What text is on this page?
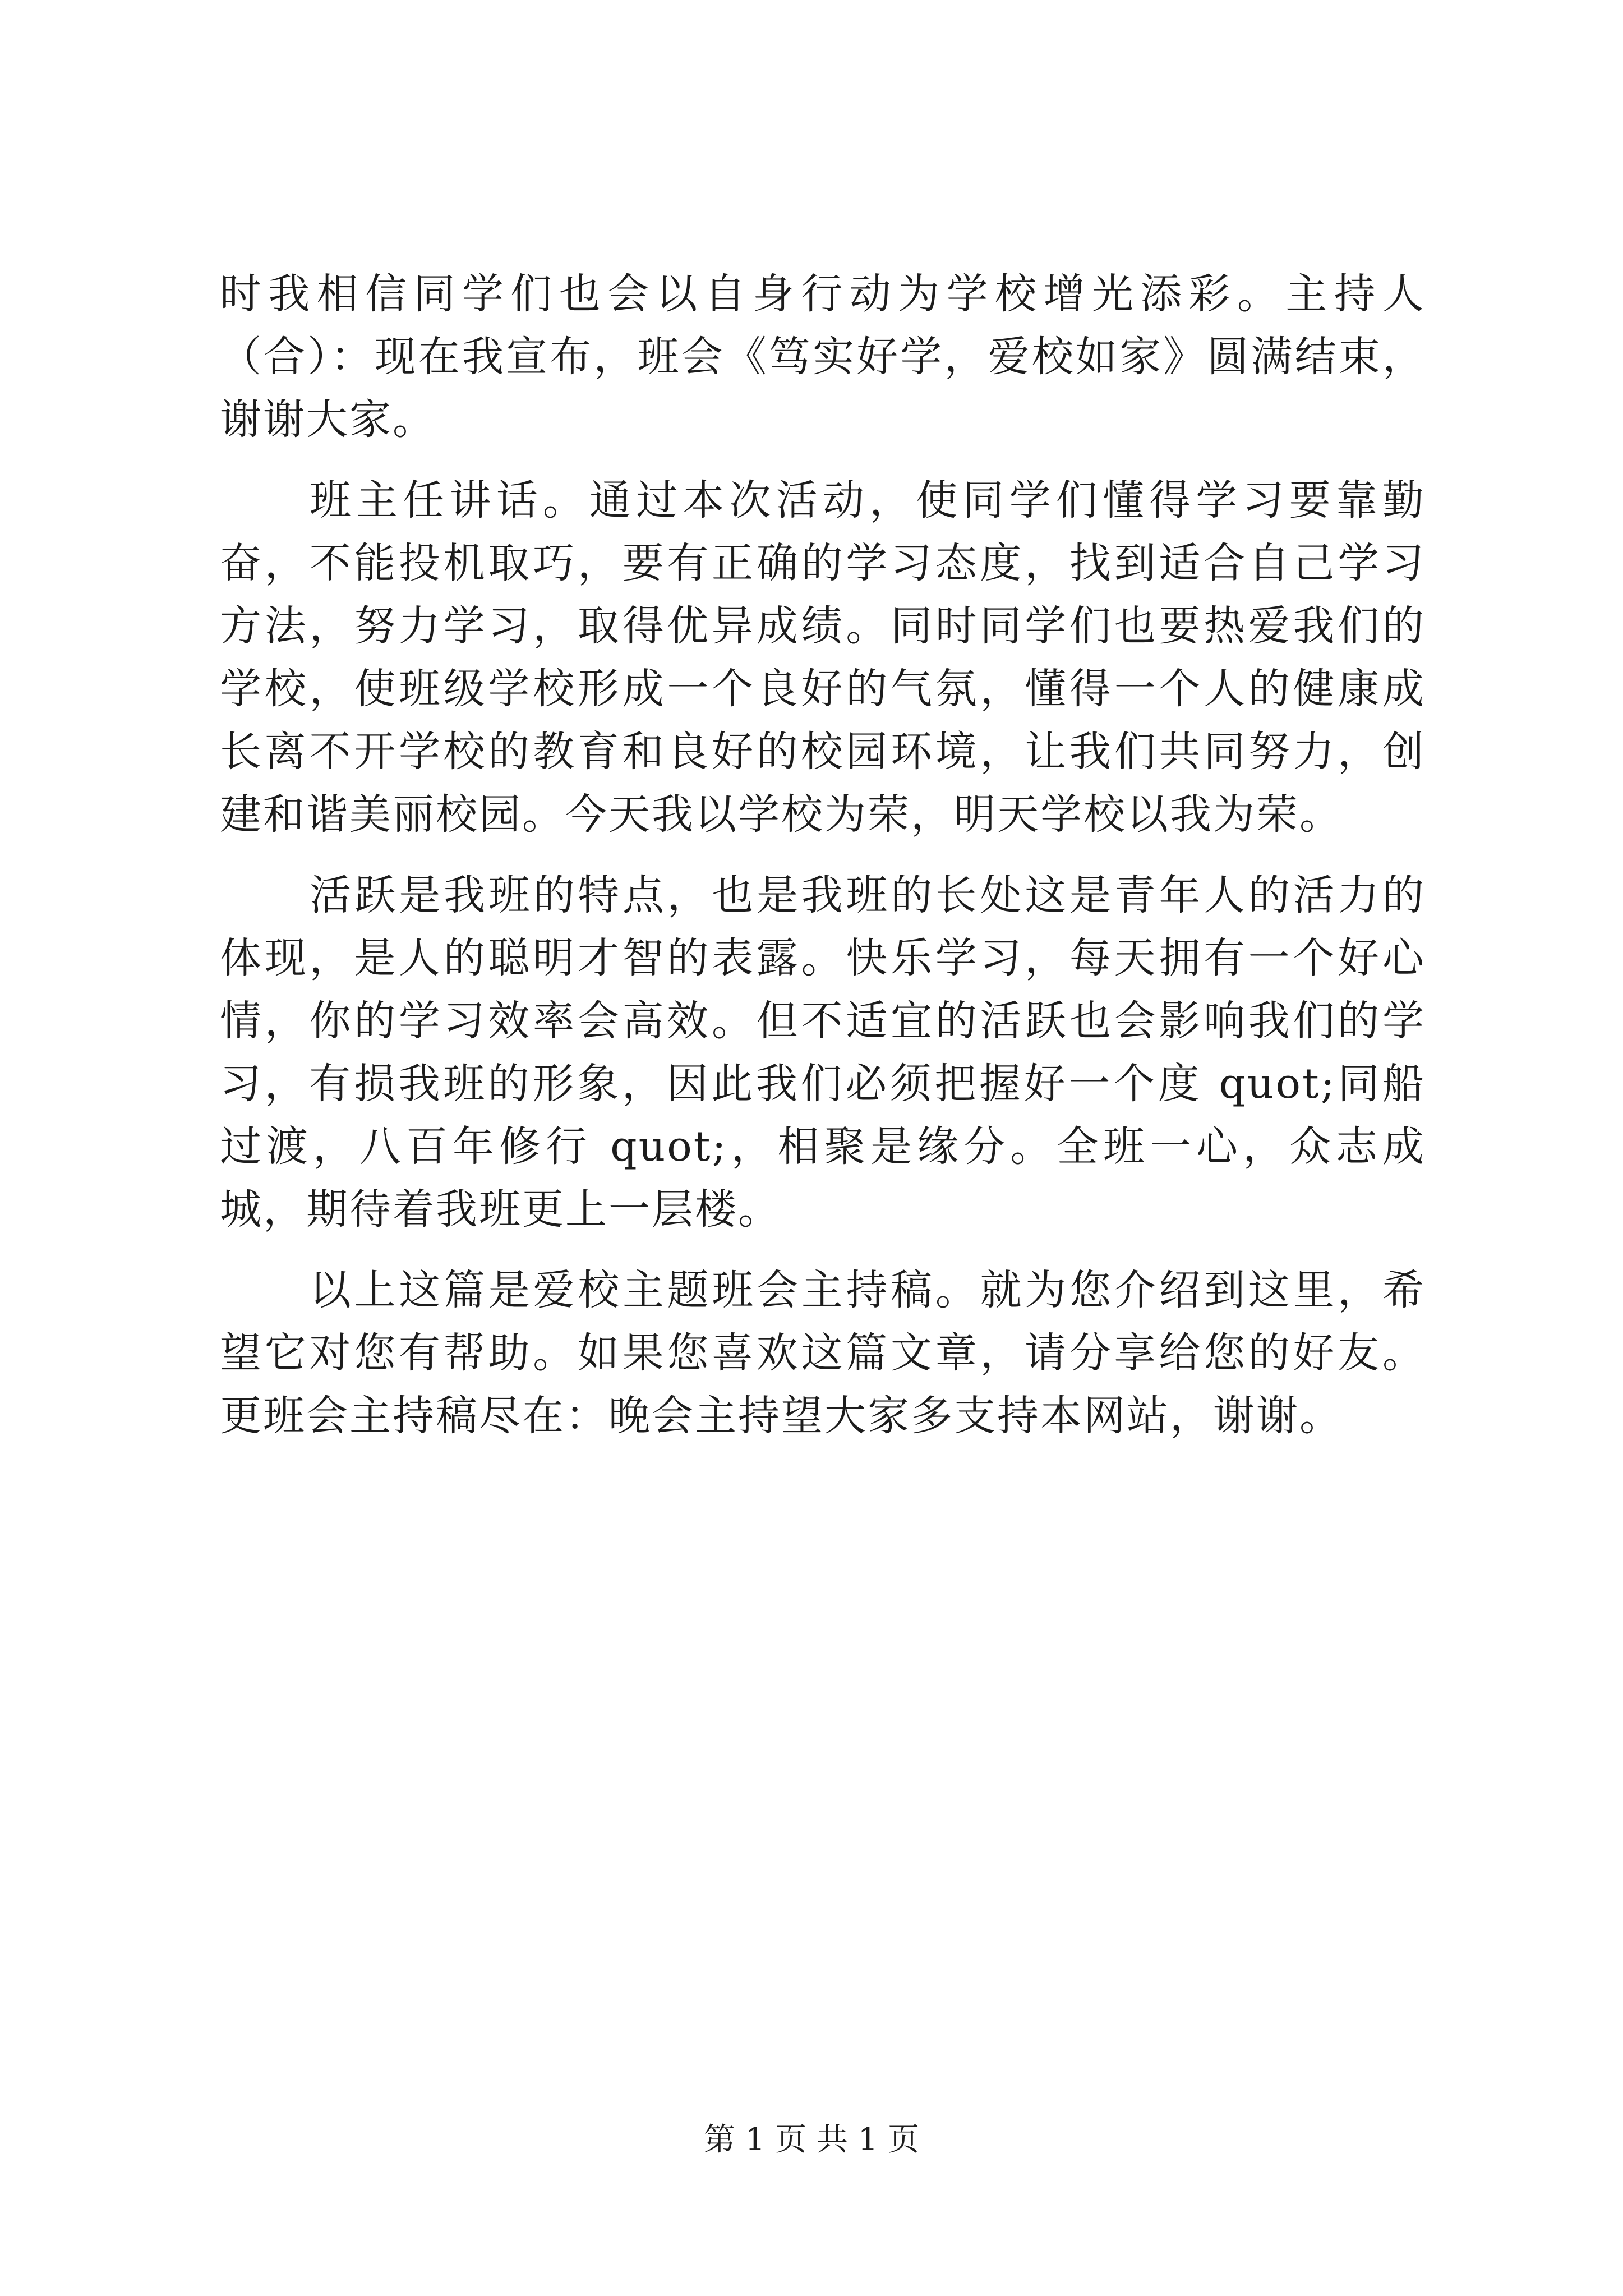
时我相信同学们也会以自身行动为学校增光添彩。主持人（合）：现在我宣布，班会《笃实好学，爱校如家》圆满结束，谢谢大家。

班主任讲话。通过本次活动，使同学们懂得学习要靠勤奋，不能投机取巧，要有正确的学习态度，找到适合自己学习方法，努力学习，取得优异成绩。同时同学们也要热爱我们的学校，使班级学校形成一个良好的气氛，懂得一个人的健康成长离不开学校的教育和良好的校园环境，让我们共同努力，创建和谐美丽校园。今天我以学校为荣，明天学校以我为荣。

活跃是我班的特点，也是我班的长处这是青年人的活力的体现，是人的聪明才智的表露。快乐学习，每天拥有一个好心情，你的学习效率会高效。但不适宜的活跃也会影响我们的学习，有损我班的形象，因此我们必须把握好一个度 quot;同船过渡，八百年修行 quot;，相聚是缘分。全班一心，众志成城，期待着我班更上一层楼。

以上这篇是爱校主题班会主持稿。就为您介绍到这里，希望它对您有帮助。如果您喜欢这篇文章，请分享给您的好友。更班会主持稿尽在：晚会主持望大家多支持本网站，谢谢。

第 1 页 共 1 页
